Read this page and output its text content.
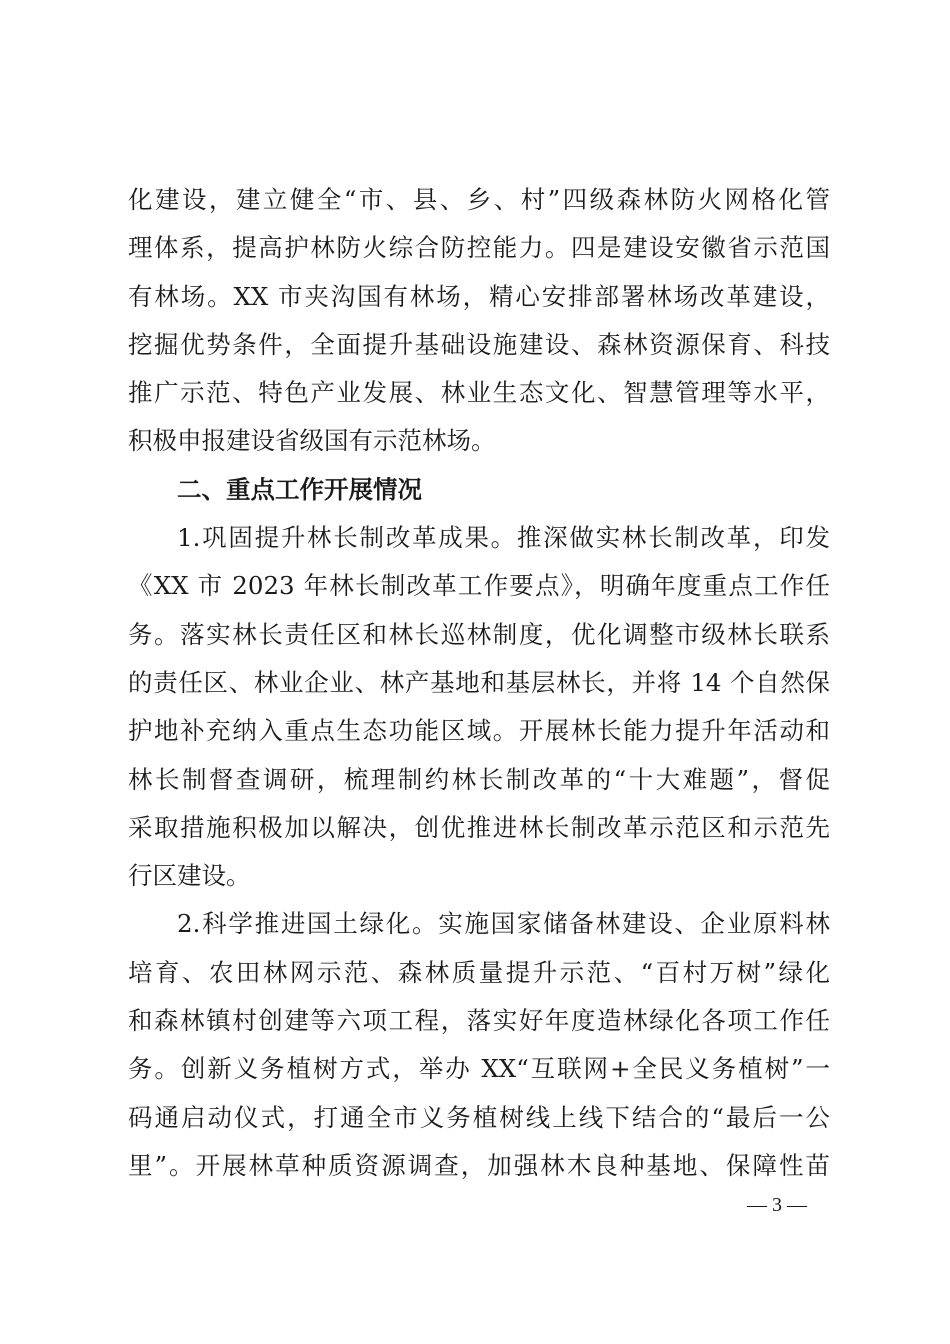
化建设，建立健全“市、县、乡、村”四级森林防火网格化管
理体系，提高护林防火综合防控能力。四是建设安徽省示范国
有林场。XX 市夹沟国有林场，精心安排部署林场改革建设，
挖掘优势条件，全面提升基础设施建设、森林资源保育、科技
推广示范、特色产业发展、林业生态文化、智慧管理等水平，
积极申报建设省级国有示范林场。
二、重点工作开展情况
1.巩固提升林长制改革成果。推深做实林长制改革，印发
《XX 市 2023 年林长制改革工作要点》，明确年度重点工作任
务。落实林长责任区和林长巡林制度，优化调整市级林长联系
的责任区、林业企业、林产基地和基层林长，并将 14 个自然保
护地补充纳入重点生态功能区域。开展林长能力提升年活动和
林长制督查调研，梳理制约林长制改革的“十大难题”，督促
采取措施积极加以解决，创优推进林长制改革示范区和示范先
行区建设。
2.科学推进国土绿化。实施国家储备林建设、企业原料林
培育、农田林网示范、森林质量提升示范、“百村万树”绿化
和森林镇村创建等六项工程，落实好年度造林绿化各项工作任
务。创新义务植树方式，举办 XX“互联网+全民义务植树”一
码通启动仪式，打通全市义务植树线上线下结合的“最后一公
里”。开展林草种质资源调查，加强林木良种基地、保障性苗
— 3 —
